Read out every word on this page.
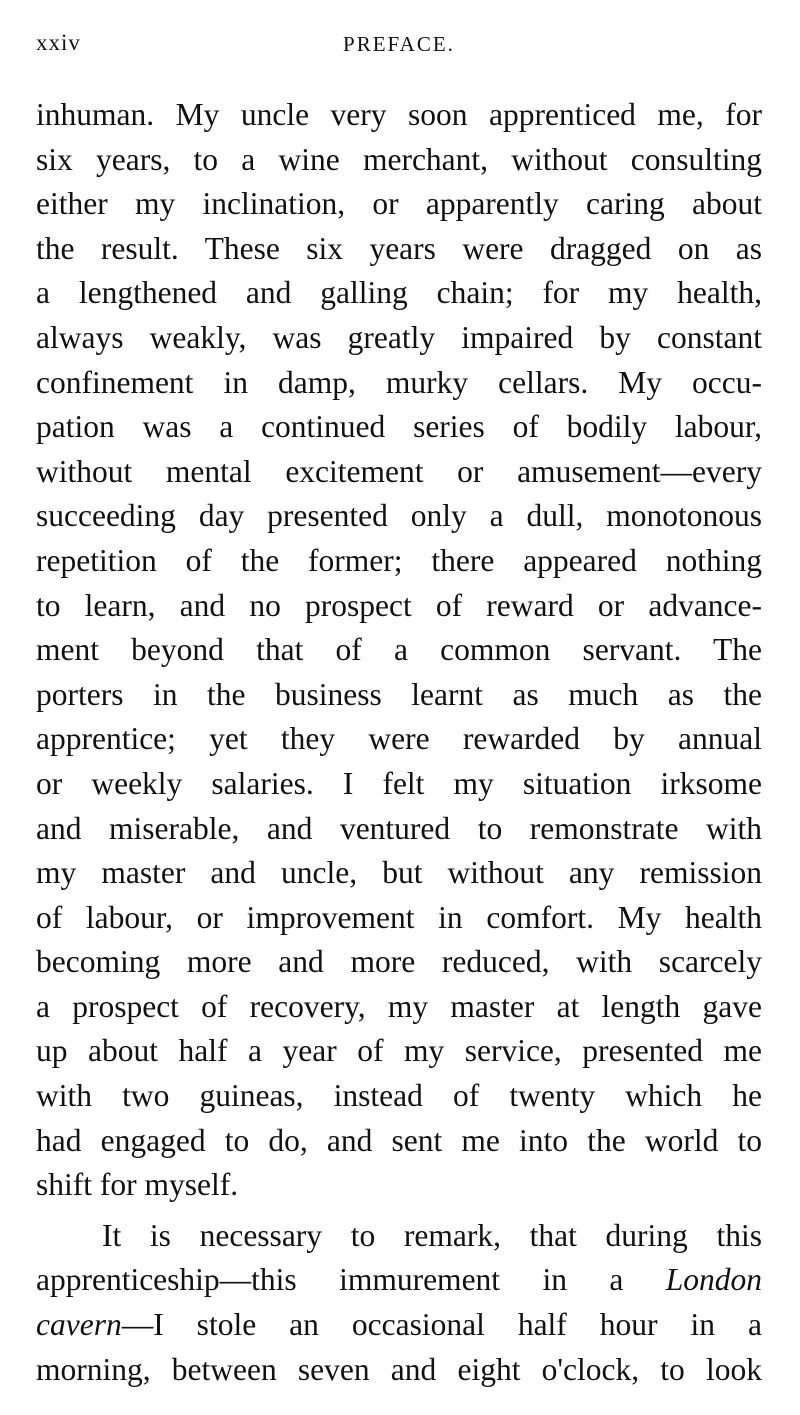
xxiv	PREFACE.
inhuman. My uncle very soon apprenticed me, for
six years, to a wine merchant, without consulting
either my inclination, or apparently caring about
the result. These six years were dragged on as
a lengthened and galling chain; for my health,
always weakly, was greatly impaired by constant
confinement in damp, murky cellars. My occu-
pation was a continued series of bodily labour,
without mental excitement or amusement—every
succeeding day presented only a dull, monotonous
repetition of the former; there appeared nothing
to learn, and no prospect of reward or advance-
ment beyond that of a common servant. The
porters in the business learnt as much as the
apprentice; yet they were rewarded by annual
or weekly salaries. I felt my situation irksome
and miserable, and ventured to remonstrate with
my master and uncle, but without any remission
of labour, or improvement in comfort. My health
becoming more and more reduced, with scarcely
a prospect of recovery, my master at length gave
up about half a year of my service, presented me
with two guineas, instead of twenty which he
had engaged to do, and sent me into the world to
shift for myself.
It is necessary to remark, that during this
apprenticeship—this immurement in a London
cavern—I stole an occasional half hour in a
morning, between seven and eight o'clock, to look
